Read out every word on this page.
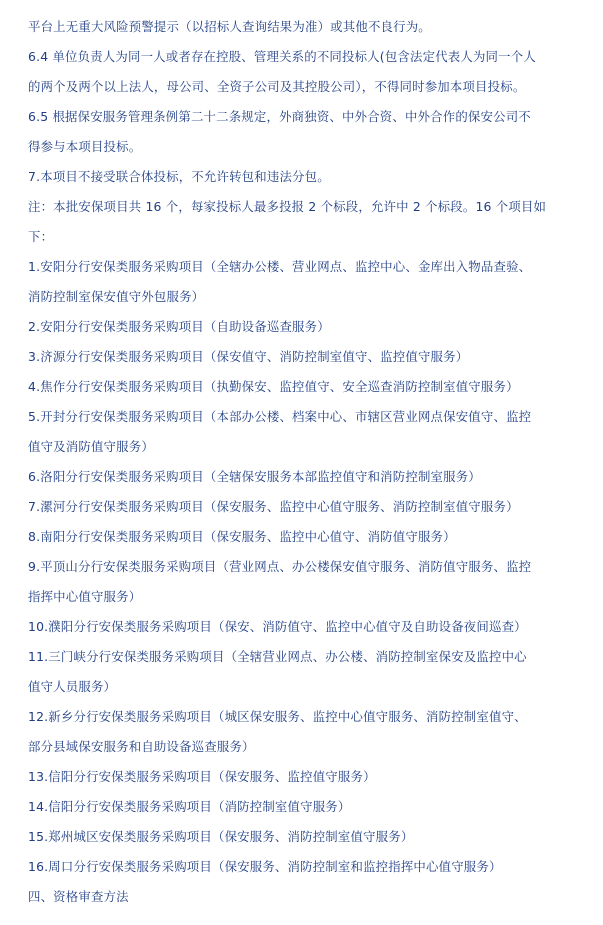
平台上无重大风险预警提示（以招标人查询结果为准）或其他不良行为。
6.4 单位负责人为同一人或者存在控股、管理关系的不同投标人(包含法定代表人为同一个人
的两个及两个以上法人，母公司、全资子公司及其控股公司），不得同时参加本项目投标。
6.5 根据保安服务管理条例第二十二条规定，外商独资、中外合资、中外合作的保安公司不
得参与本项目投标。
7.本项目不接受联合体投标，不允许转包和违法分包。
注：本批安保项目共 16 个，每家投标人最多投报 2 个标段，允许中 2 个标段。16 个项目如
下：
1.安阳分行安保类服务采购项目（全辖办公楼、营业网点、监控中心、金库出入物品查验、
消防控制室保安值守外包服务）
2.安阳分行安保类服务采购项目（自助设备巡查服务）
3.济源分行安保类服务采购项目（保安值守、消防控制室值守、监控值守服务）
4.焦作分行安保类服务采购项目（执勤保安、监控值守、安全巡查消防控制室值守服务）
5.开封分行安保类服务采购项目（本部办公楼、档案中心、市辖区营业网点保安值守、监控
值守及消防值守服务）
6.洛阳分行安保类服务采购项目（全辖保安服务本部监控值守和消防控制室服务）
7.漯河分行安保类服务采购项目（保安服务、监控中心值守服务、消防控制室值守服务）
8.南阳分行安保类服务采购项目（保安服务、监控中心值守、消防值守服务）
9.平顶山分行安保类服务采购项目（营业网点、办公楼保安值守服务、消防值守服务、监控
指挥中心值守服务）
10.濮阳分行安保类服务采购项目（保安、消防值守、监控中心值守及自助设备夜间巡查）
11.三门峡分行安保类服务采购项目（全辖营业网点、办公楼、消防控制室保安及监控中心
值守人员服务）
12.新乡分行安保类服务采购项目（城区保安服务、监控中心值守服务、消防控制室值守、
部分县域保安服务和自助设备巡查服务）
13.信阳分行安保类服务采购项目（保安服务、监控值守服务）
14.信阳分行安保类服务采购项目（消防控制室值守服务）
15.郑州城区安保类服务采购项目（保安服务、消防控制室值守服务）
16.周口分行安保类服务采购项目（保安服务、消防控制室和监控指挥中心值守服务）
四、资格审查方法
